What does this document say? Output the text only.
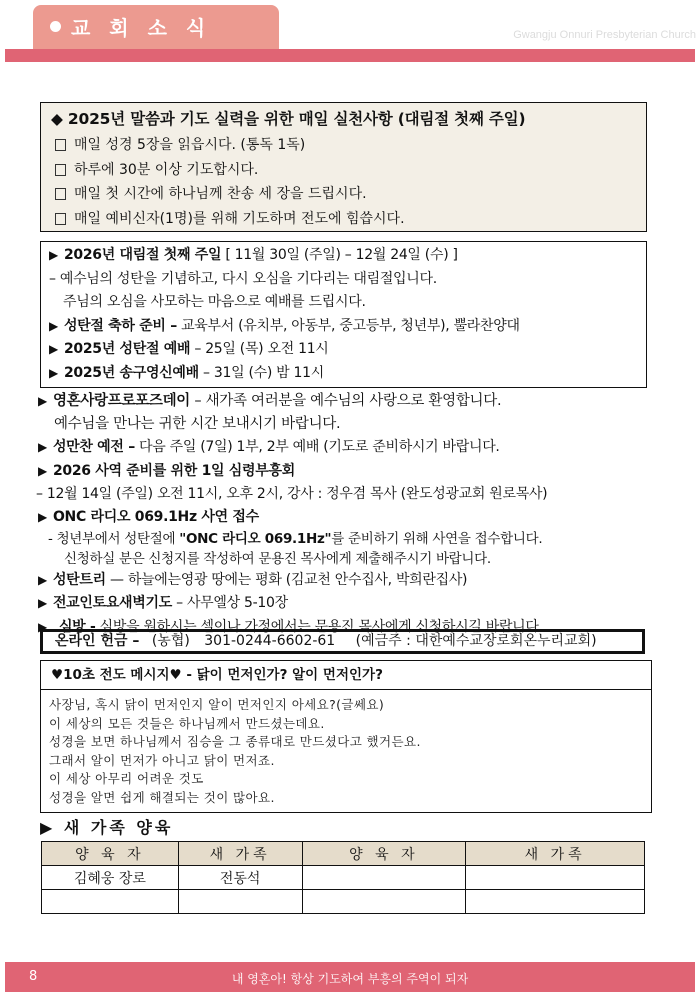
교 회 소 식	Gwangju Onnuri Presbyterian Church
◆ 2025년 말씀과 기도 실력을 위한 매일 실천사항 (대림절 첫째 주일)
매일 성경 5장을 읽읍시다. (통독 1독)
하루에 30분 이상 기도합시다.
매일 첫 시간에 하나님께 찬송 세 장을 드립시다.
매일 예비신자(1명)를 위해 기도하며 전도에 힘씁시다.
▶ 2026년 대림절 첫째 주일 [ 11월 30일 (주일) – 12월 24일 (수) ]
– 예수님의 성탄을 기념하고, 다시 오심을 기다리는 대림절입니다.
주님의 오심을 사모하는 마음으로 예배를 드립시다.
▶ 성탄절 축하 준비 – 교육부서 (유치부, 아동부, 중고등부, 청년부), 뿔라찬양대
▶ 2025년 성탄절 예배 – 25일 (목) 오전 11시
▶ 2025년 송구영신예배 – 31일 (수) 밤 11시
▶ 영혼사랑프로포즈데이 – 새가족 여러분을 예수님의 사랑으로 환영합니다.
예수님을 만나는 귀한 시간 보내시기 바랍니다.
▶ 성만찬 예전 – 다음 주일 (7일) 1부, 2부 예배 (기도로 준비하시기 바랍니다.
▶ 2026 사역 준비를 위한 1일 심령부흥회
– 12월 14일 (주일) 오전 11시, 오후 2시, 강사 : 정우겸 목사 (완도성광교회 원로목사)
▶ ONC 라디오 069.1Hz 사연 접수
- 청년부에서 성탄절에 "ONC 라디오 069.1Hz"를 준비하기 위해 사연을 접수합니다.
신청하실 분은 신청지를 작성하여 문용진 목사에게 제출해주시기 바랍니다.
▶ 성탄트리 — 하늘에는영광 땅에는 평화 (김교천 안수집사, 박희란집사)
▶ 전교인토요새벽기도 – 사무엘상 5-10장
▶ 심방 - 심방을 원하시는 셀이나 가정에서는 문용진 목사에게 신청하시길 바랍니다.
온라인 헌금 – (농협) 301-0244-6602-61 (예금주 : 대한예수교장로회온누리교회)
♥10초 전도 메시지♥ - 닭이 먼저인가? 알이 먼저인가?
사장님, 혹시 닭이 먼저인지 알이 먼저인지 아세요?(글쎄요)
이 세상의 모든 것들은 하나님께서 만드셨는데요.
성경을 보면 하나님께서 짐승을 그 종류대로 만드셨다고 했거든요.
그래서 알이 먼저가 아니고 닭이 먼저죠.
이 세상 아무리 어려운 것도
성경을 알면 쉽게 해결되는 것이 많아요.
▶ 새 가족 양육
양 육 자	새 가족	양 육 자	새 가족
김혜웅 장로	전동석		

8	내 영혼아! 항상 기도하여 부흥의 주역이 되자
